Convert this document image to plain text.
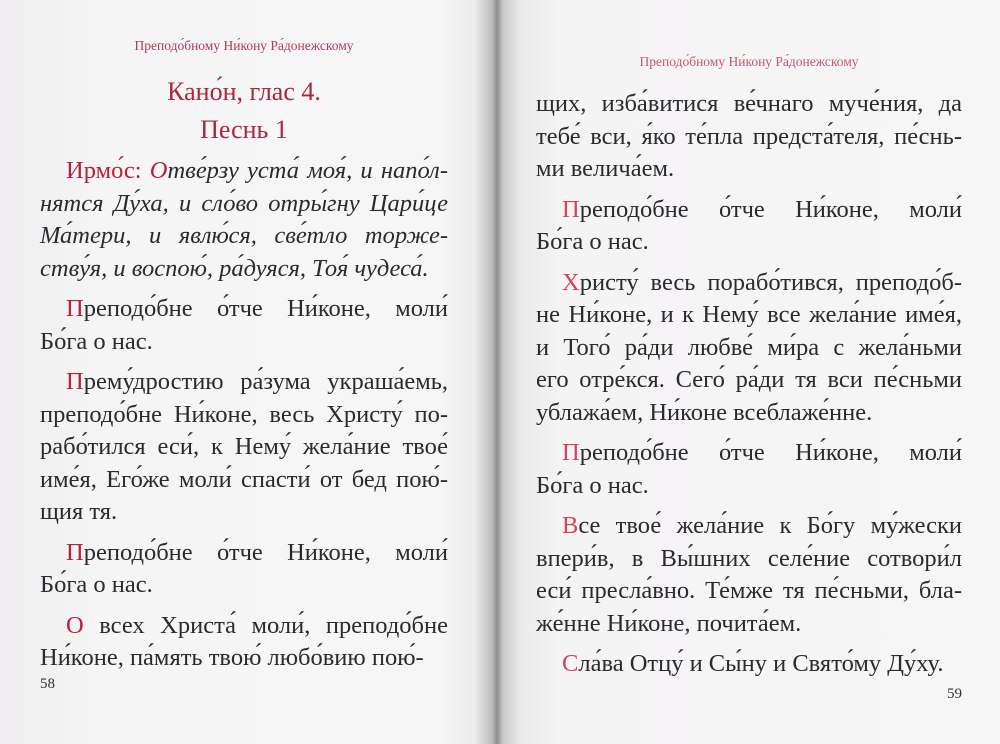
Преподо́бному Ни́кону Ра́донежскому
Кано́н, глас 4.
Песнь 1
Ирмо́с: Отве́рзу уста́ моя́, и напо́л-
нятся Ду́ха, и сло́во отры́гну Цари́це
Ма́тери, и явлю́ся, све́тло торже-
ству́я, и воспою́, ра́дуяся, Тоя́ чудеса́.
Преподо́бне о́тче Ни́коне, моли́
Бо́га о нас.
Прему́дростию ра́зума украша́емь,
преподо́бне Ни́коне, весь Христу́ по-
рабо́тился еси́, к Нему́ жела́ние твое́
име́я, Его́же моли́ спасти́ от бед пою́-
щия тя.
Преподо́бне о́тче Ни́коне, моли́
Бо́га о нас.
О всех Христа́ моли́, преподо́бне
Ни́коне, па́мять твою́ любо́вию пою́-
58
Преподо́бному Ни́кону Ра́донежскому
щих, изба́витися ве́чнаго муче́ния, да
тебе́ вси, я́ко те́пла предста́теля, пе́снь-
ми велича́ем.
Преподо́бне о́тче Ни́коне, моли́
Бо́га о нас.
Христу́ весь порабо́тився, преподо́б-
не Ни́коне, и к Нему́ все жела́ние име́я,
и Того́ ра́ди любве́ ми́ра с жела́ньми
его отре́кся. Сего́ ра́ди тя вси пе́сньми
ублажа́ем, Ни́коне всеблаже́нне.
Преподо́бне о́тче Ни́коне, моли́
Бо́га о нас.
Все твое́ жела́ние к Бо́гу му́жески
впери́в, в Вы́шних селе́ние сотвори́л
еси́ пресла́вно. Те́мже тя пе́сньми, бла-
же́нне Ни́коне, почита́ем.
Сла́ва Отцу́ и Сы́ну и Свято́му Ду́ху.
59
